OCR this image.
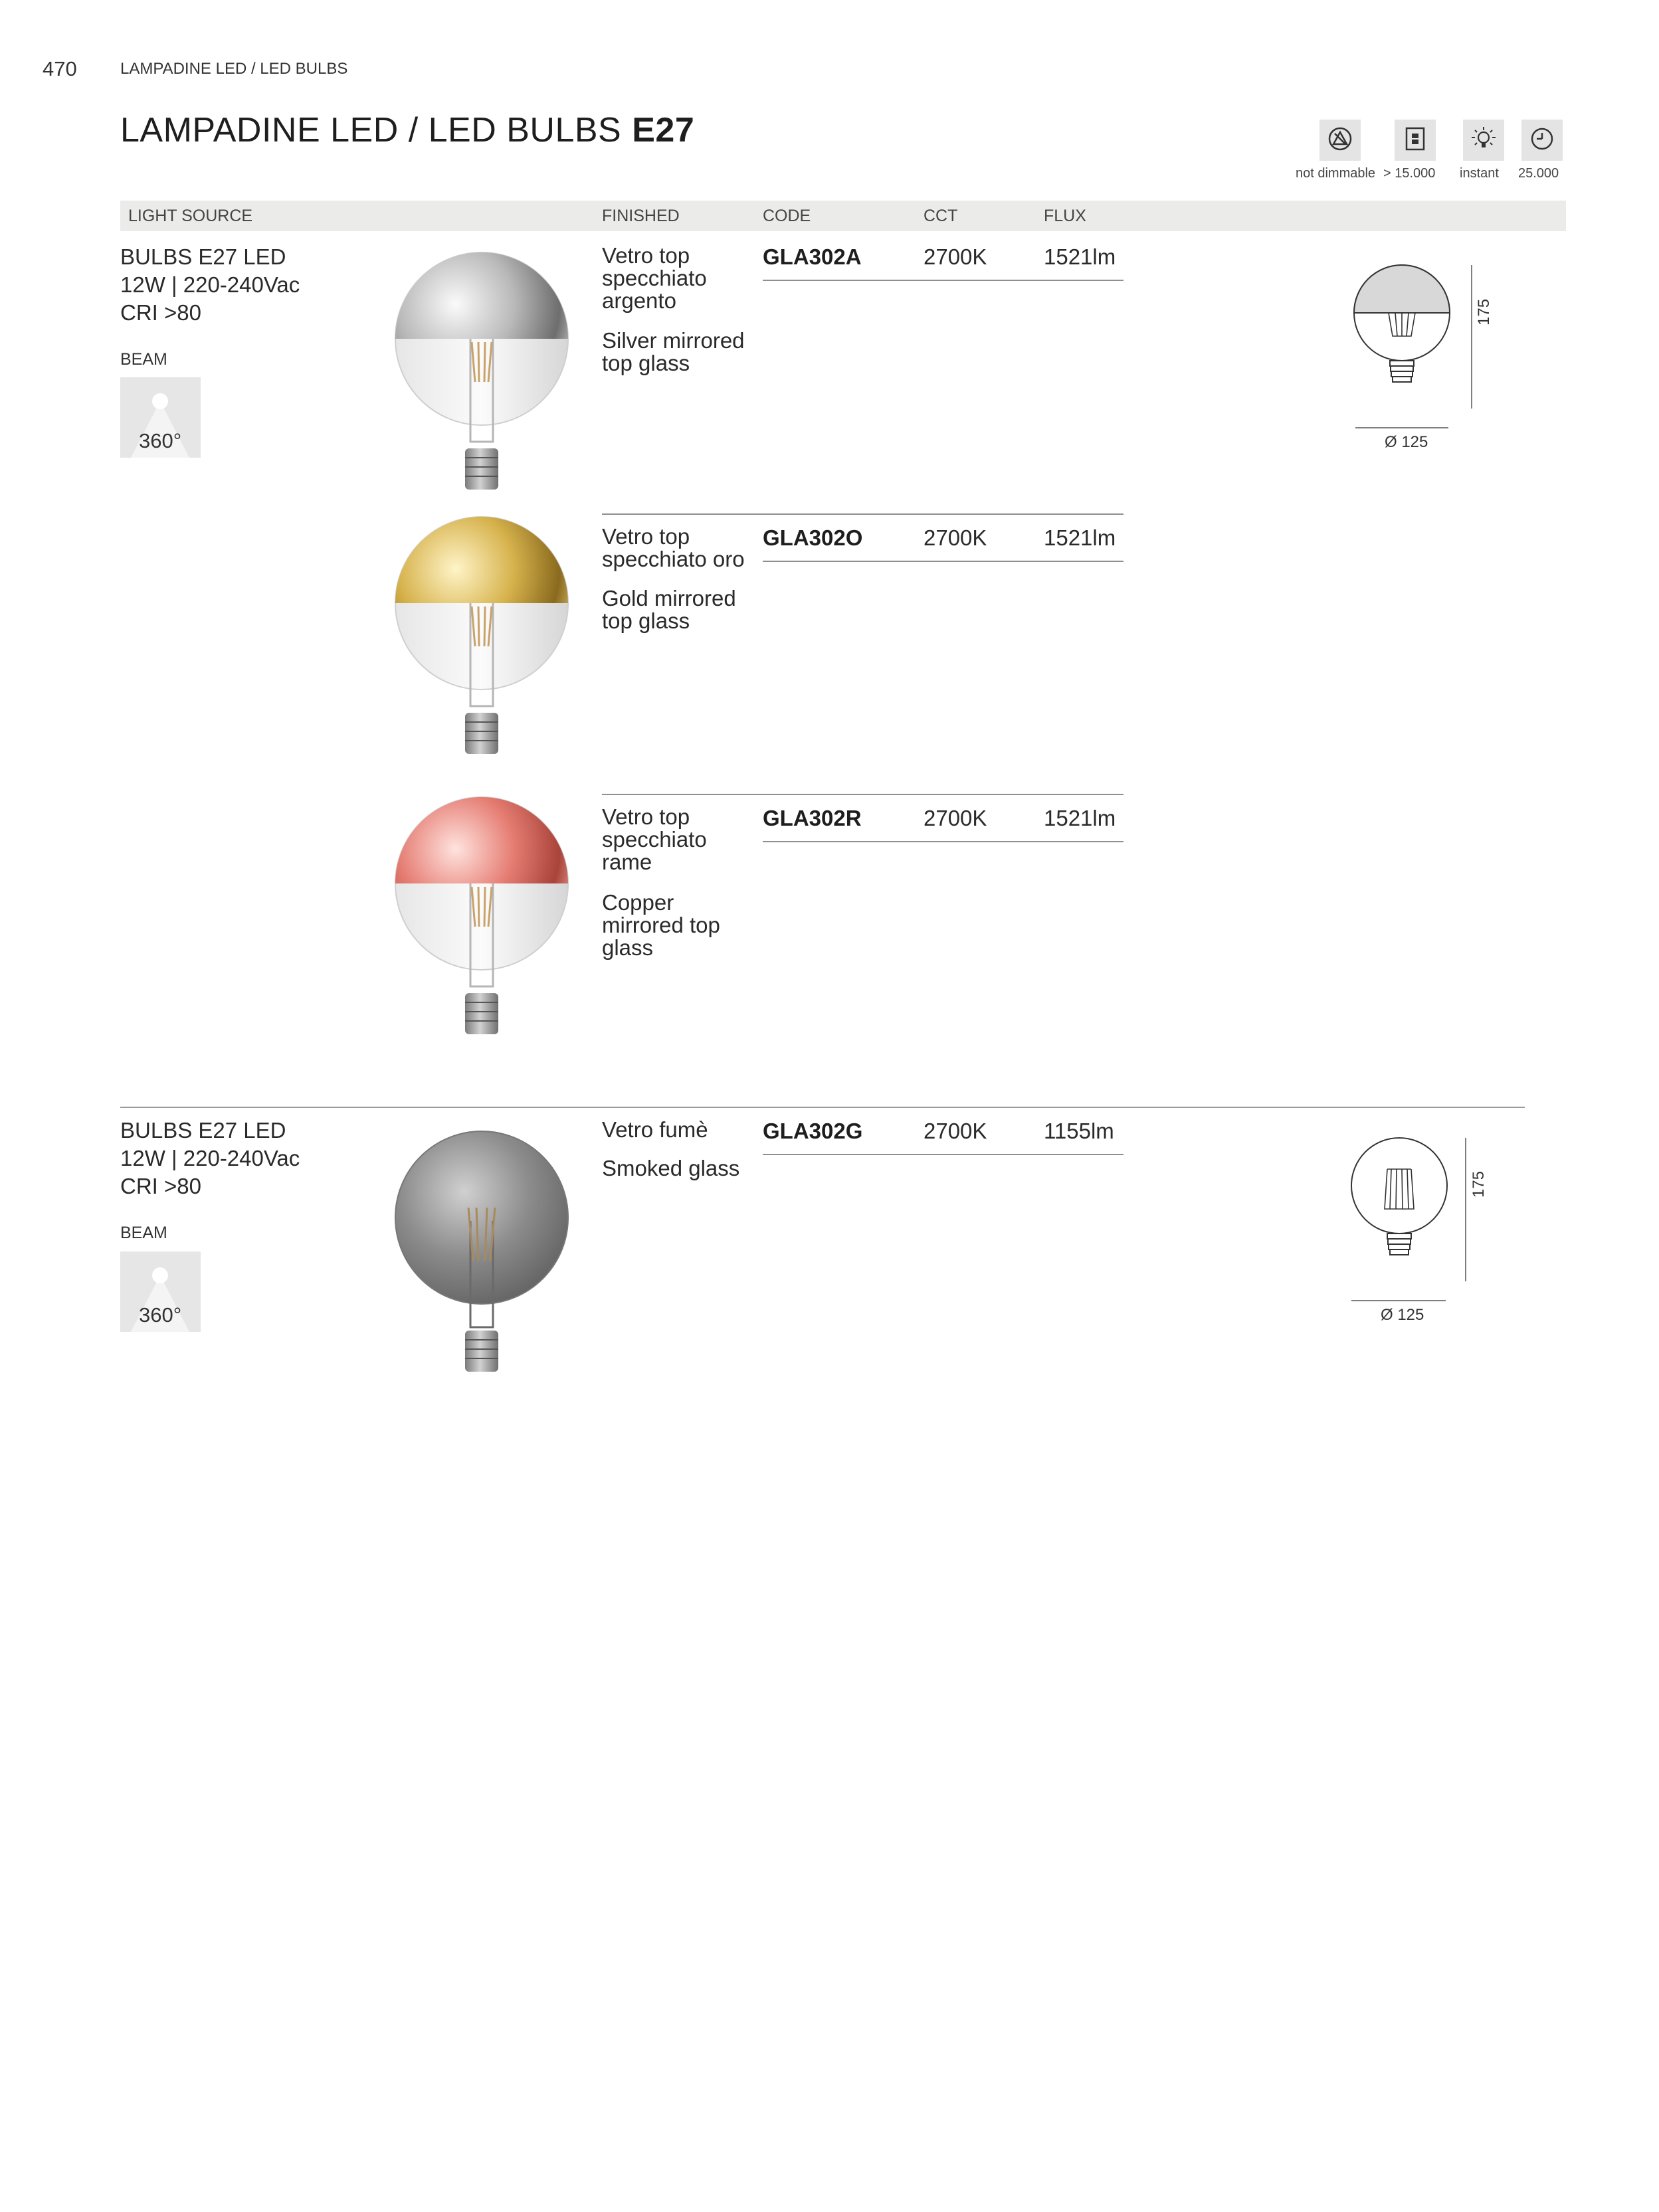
470	LAMPADINE LED / LED BULBS
LAMPADINE LED / LED BULBS E27
not dimmable > 15.000 instant 25.000
LIGHT SOURCE	FINISHED	CODE	CCT	FLUX
BULBS E27 LED
12W | 220-240Vac
CRI >80
BEAM
360°
175
Ø 125
Vetro top specchiato argento
Silver mirrored top glass
GLA302A	2700K	1521lm
Vetro top specchiato oro
Gold mirrored top glass
GLA302O	2700K	1521lm
Vetro top specchiato rame
Copper mirrored top glass
GLA302R	2700K	1521lm
BULBS E27 LED
12W | 220-240Vac
CRI >80
BEAM
360°
Vetro fumè
Smoked glass
GLA302G	2700K	1155lm
175
Ø 125
